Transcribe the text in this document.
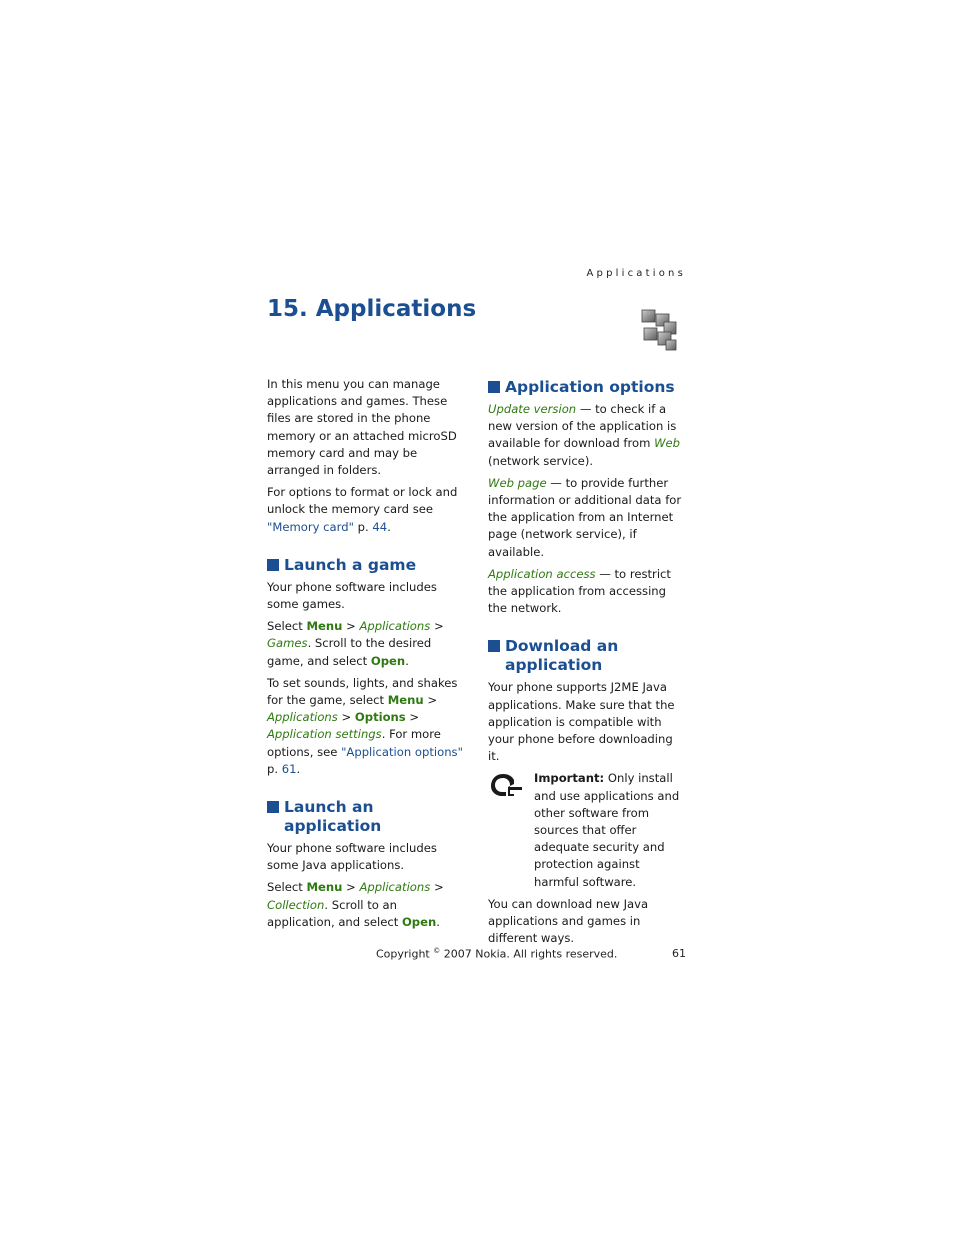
Applications
15. Applications

In this menu you can manage applications and games. These files are stored in the phone memory or an attached microSD memory card and may be arranged in folders.

For options to format or lock and unlock the memory card see "Memory card" p. 44.

Launch a game

Your phone software includes some games.

Select Menu > Applications > Games. Scroll to the desired game, and select Open.

To set sounds, lights, and shakes for the game, select Menu > Applications > Options > Application settings. For more options, see "Application options" p. 61.

Launch an application

Your phone software includes some Java applications.

Select Menu > Applications > Collection. Scroll to an application, and select Open.

Application options

Update version — to check if a new version of the application is available for download from Web (network service).

Web page — to provide further information or additional data for the application from an Internet page (network service), if available.

Application access — to restrict the application from accessing the network.

Download an application

Your phone supports J2ME Java applications. Make sure that the application is compatible with your phone before downloading it.

Important: Only install and use applications and other software from sources that offer adequate security and protection against harmful software.

You can download new Java applications and games in different ways.

Copyright © 2007 Nokia. All rights reserved.	61
